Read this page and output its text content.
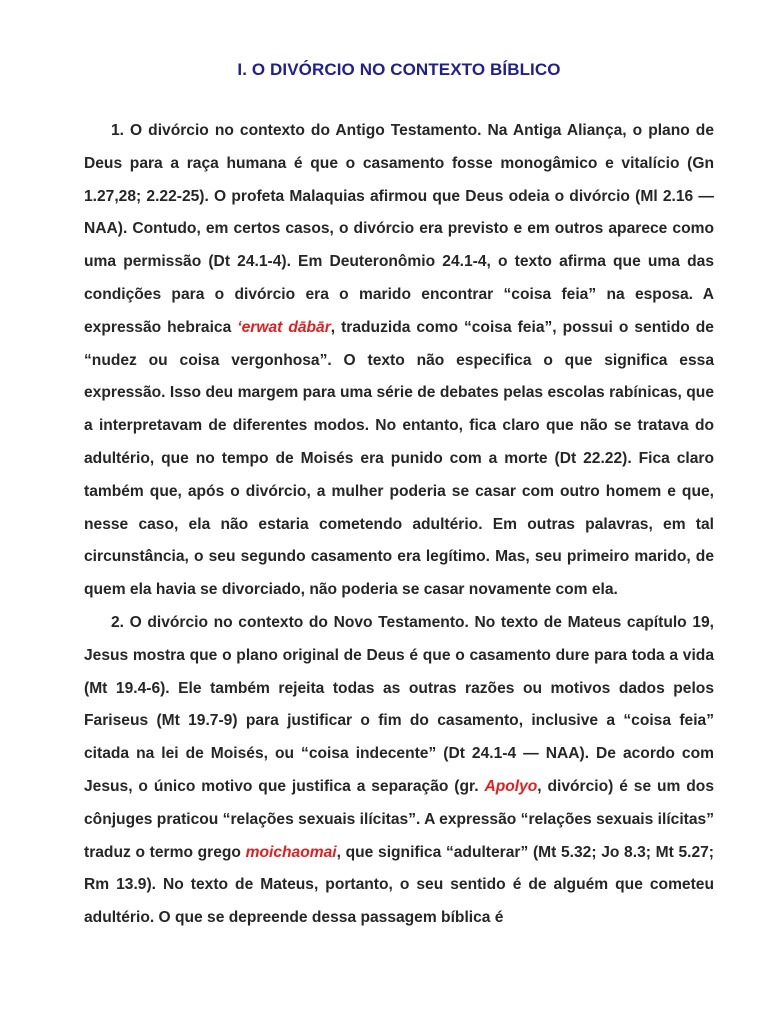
I. O DIVÓRCIO NO CONTEXTO BÍBLICO

1. O divórcio no contexto do Antigo Testamento. Na Antiga Aliança, o plano de Deus para a raça humana é que o casamento fosse monogâmico e vitalício (Gn 1.27,28; 2.22-25). O profeta Malaquias afirmou que Deus odeia o divórcio (Ml 2.16 — NAA). Contudo, em certos casos, o divórcio era previsto e em outros aparece como uma permissão (Dt 24.1-4). Em Deuteronômio 24.1-4, o texto afirma que uma das condições para o divórcio era o marido encontrar “coisa feia” na esposa. A expressão hebraica ‘erwat dābār, traduzida como “coisa feia”, possui o sentido de “nudez ou coisa vergonhosa”. O texto não especifica o que significa essa expressão. Isso deu margem para uma série de debates pelas escolas rabínicas, que a interpretavam de diferentes modos. No entanto, fica claro que não se tratava do adultério, que no tempo de Moisés era punido com a morte (Dt 22.22). Fica claro também que, após o divórcio, a mulher poderia se casar com outro homem e que, nesse caso, ela não estaria cometendo adultério. Em outras palavras, em tal circunstância, o seu segundo casamento era legítimo. Mas, seu primeiro marido, de quem ela havia se divorciado, não poderia se casar novamente com ela.

2. O divórcio no contexto do Novo Testamento. No texto de Mateus capítulo 19, Jesus mostra que o plano original de Deus é que o casamento dure para toda a vida (Mt 19.4-6). Ele também rejeita todas as outras razões ou motivos dados pelos Fariseus (Mt 19.7-9) para justificar o fim do casamento, inclusive a “coisa feia” citada na lei de Moisés, ou “coisa indecente” (Dt 24.1-4 — NAA). De acordo com Jesus, o único motivo que justifica a separação (gr. Apolyo, divórcio) é se um dos cônjuges praticou “relações sexuais ilícitas”. A expressão “relações sexuais ilícitas” traduz o termo grego moichaomai, que significa “adulterar” (Mt 5.32; Jo 8.3; Mt 5.27; Rm 13.9). No texto de Mateus, portanto, o seu sentido é de alguém que cometeu adultério. O que se depreende dessa passagem bíblica é
